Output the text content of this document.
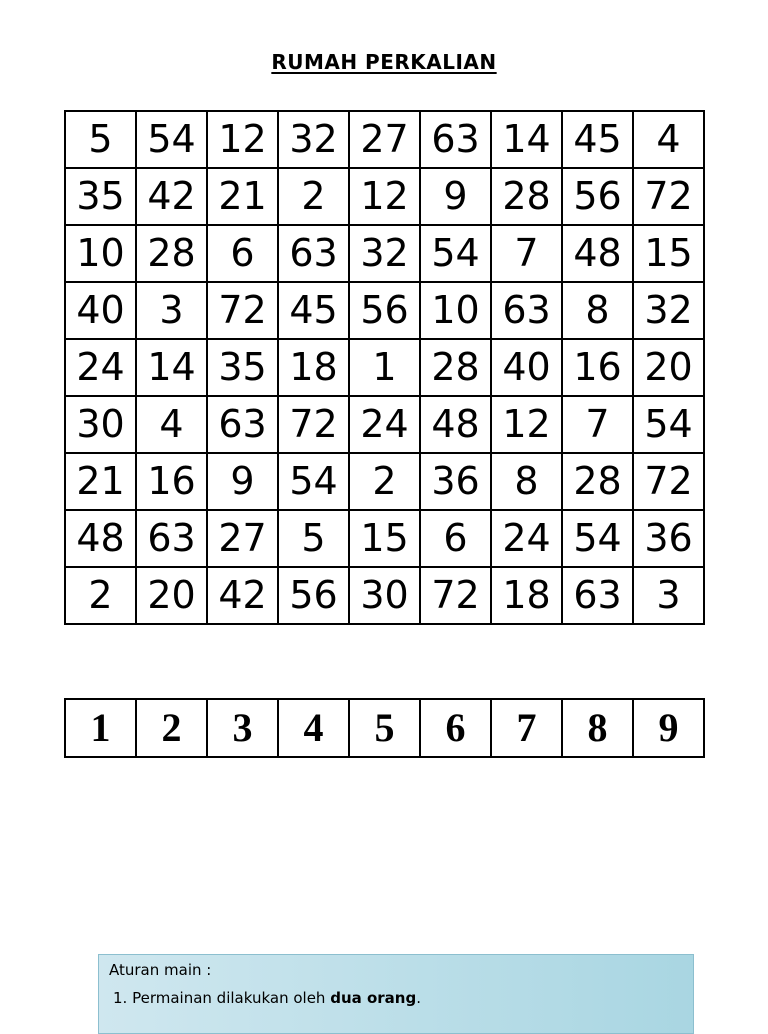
RUMAH PERKALIAN
5	54	12	32	27	63	14	45	4
35	42	21	2	12	9	28	56	72
10	28	6	63	32	54	7	48	15
40	3	72	45	56	10	63	8	32
24	14	35	18	1	28	40	16	20
30	4	63	72	24	48	12	7	54
21	16	9	54	2	36	8	28	72
48	63	27	5	15	6	24	54	36
2	20	42	56	30	72	18	63	3
1	2	3	4	5	6	7	8	9
Aturan main :
1. Permainan dilakukan oleh dua orang.
